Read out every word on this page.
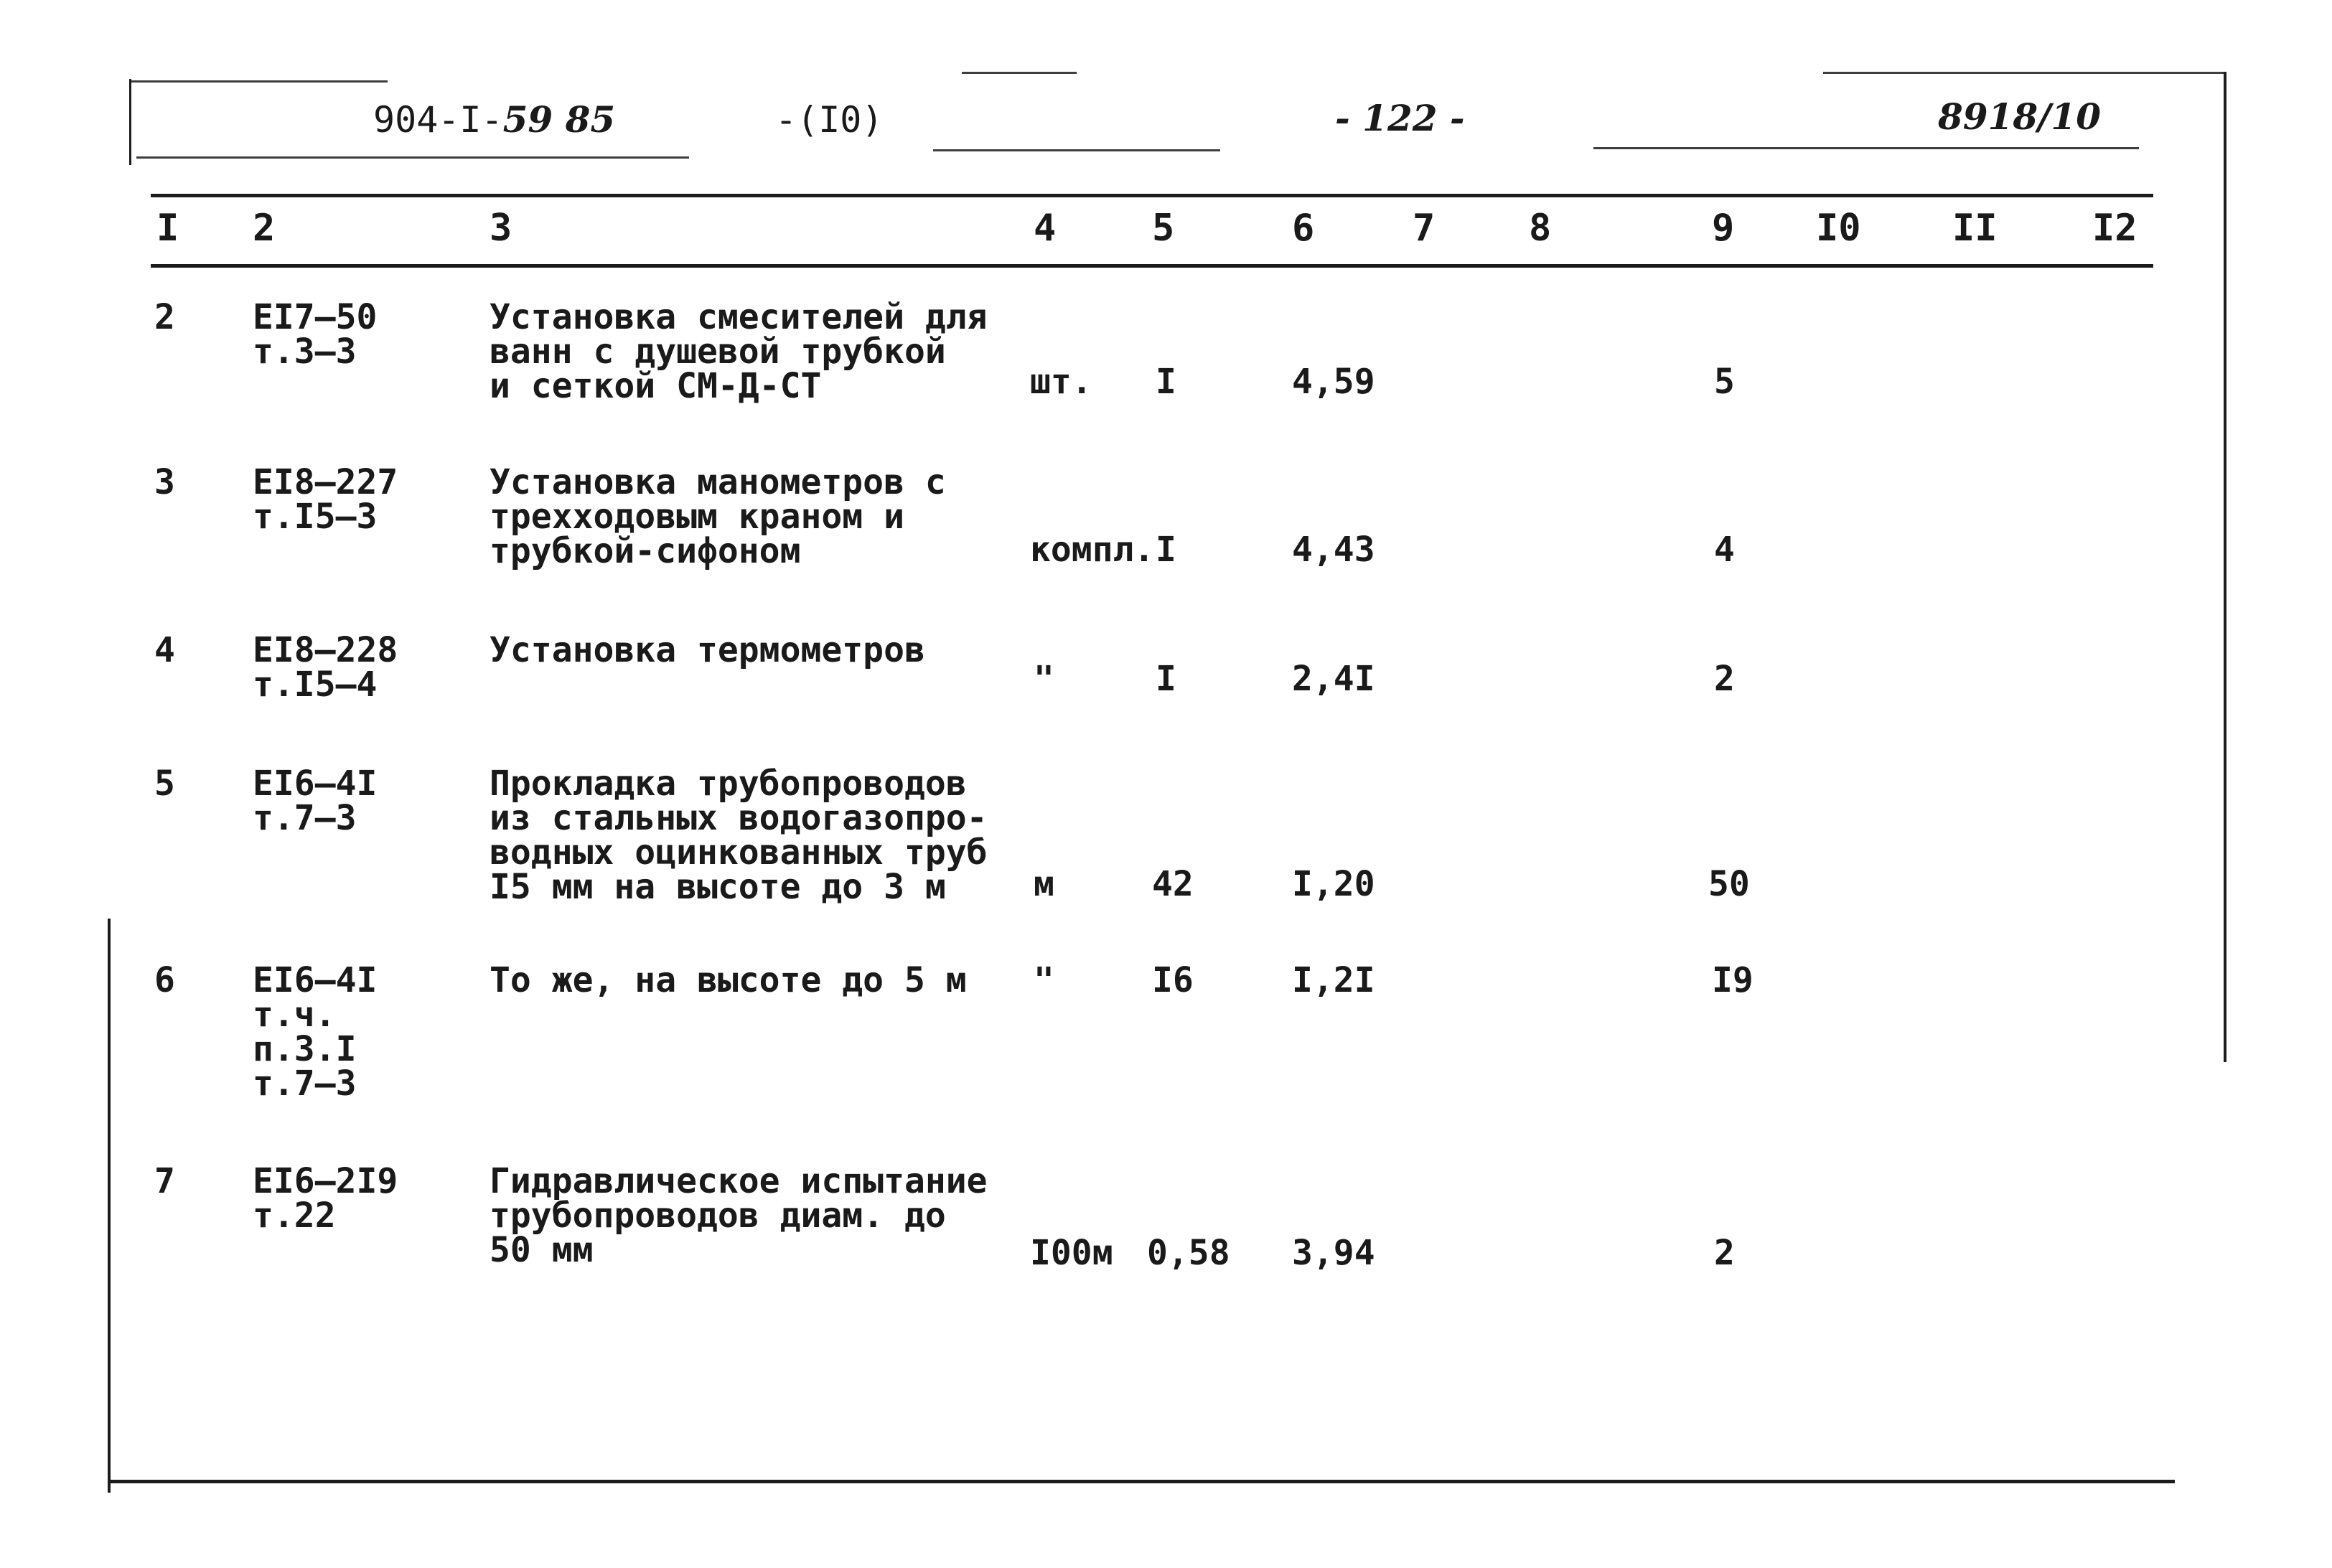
904-I-59 85	-(I0)	- 122 -	8918/10
I 2	3	4	5	6	7	8	9 I0 II	I2
2 EI7–50
т.3–3
Установка смесителей для
ванн с душевой трубкой
и сеткой СМ-Д-СТ	шт. I	4,59	5
3 EI8–227
т.I5–3
Установка манометров с
трехходовым краном и
трубкой-сифоном	компл. I	4,43	4
4 EI8–228
т.I5–4
Установка термометров
"	I	2,4I	2
5 EI6–4I
т.7–3
Прокладка трубопроводов
из стальных водогазопро-
водных оцинкованных труб
I5 мм на высоте до 3 м	м	42	I,20	50
6 EI6–4I
т.ч.
п.3.I
т.7–3
То же, на высоте до 5 м "	I6	I,2I	I9
7 EI6–2I9
т.22
Гидравлическое испытание
трубопроводов диам. до
50 мм	I00м 0,58 3,94	2
